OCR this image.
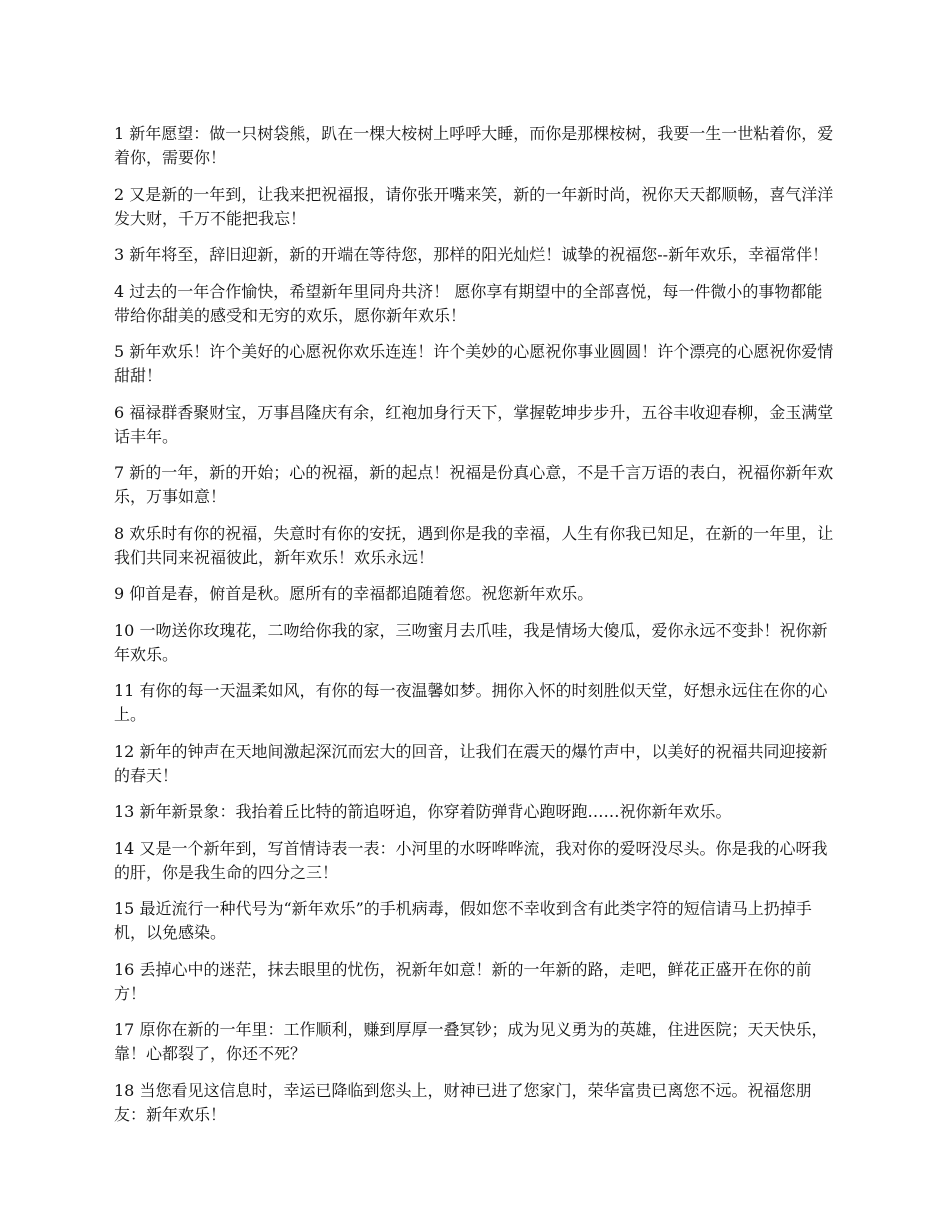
1 新年愿望：做一只树袋熊，趴在一棵大桉树上呼呼大睡，而你是那棵桉树，我要一生一世粘着你，爱着你，需要你！

2 又是新的一年到，让我来把祝福报，请你张开嘴来笑，新的一年新时尚，祝你天天都顺畅，喜气洋洋发大财，千万不能把我忘！

3 新年将至，辞旧迎新，新的开端在等待您，那样的阳光灿烂！诚挚的祝福您--新年欢乐，幸福常伴！

4 过去的一年合作愉快，希望新年里同舟共济！ 愿你享有期望中的全部喜悦，每一件微小的事物都能带给你甜美的感受和无穷的欢乐，愿你新年欢乐！

5 新年欢乐！许个美好的心愿祝你欢乐连连！许个美妙的心愿祝你事业圆圆！许个漂亮的心愿祝你爱情甜甜！

6 福禄群香聚财宝，万事昌隆庆有余，红袍加身行天下，掌握乾坤步步升，五谷丰收迎春柳，金玉满堂话丰年。

7 新的一年，新的开始；心的祝福，新的起点！祝福是份真心意，不是千言万语的表白，祝福你新年欢乐，万事如意！

8 欢乐时有你的祝福，失意时有你的安抚，遇到你是我的幸福，人生有你我已知足，在新的一年里，让我们共同来祝福彼此，新年欢乐！欢乐永远！

9 仰首是春，俯首是秋。愿所有的幸福都追随着您。祝您新年欢乐。

10 一吻送你玫瑰花，二吻给你我的家，三吻蜜月去爪哇，我是情场大傻瓜，爱你永远不变卦！祝你新年欢乐。

11 有你的每一天温柔如风，有你的每一夜温馨如梦。拥你入怀的时刻胜似天堂，好想永远住在你的心上。

12 新年的钟声在天地间激起深沉而宏大的回音，让我们在震天的爆竹声中，以美好的祝福共同迎接新的春天！

13 新年新景象：我抬着丘比特的箭追呀追，你穿着防弹背心跑呀跑……祝你新年欢乐。

14 又是一个新年到，写首情诗表一表：小河里的水呀哗哗流，我对你的爱呀没尽头。你是我的心呀我的肝，你是我生命的四分之三！

15 最近流行一种代号为“新年欢乐”的手机病毒，假如您不幸收到含有此类字符的短信请马上扔掉手机，以免感染。

16 丢掉心中的迷茫，抹去眼里的忧伤，祝新年如意！新的一年新的路，走吧，鲜花正盛开在你的前方！

17 原你在新的一年里：工作顺利，赚到厚厚一叠冥钞；成为见义勇为的英雄，住进医院；天天快乐，靠！心都裂了，你还不死？

18 当您看见这信息时，幸运已降临到您头上，财神已进了您家门，荣华富贵已离您不远。祝福您朋友：新年欢乐！
